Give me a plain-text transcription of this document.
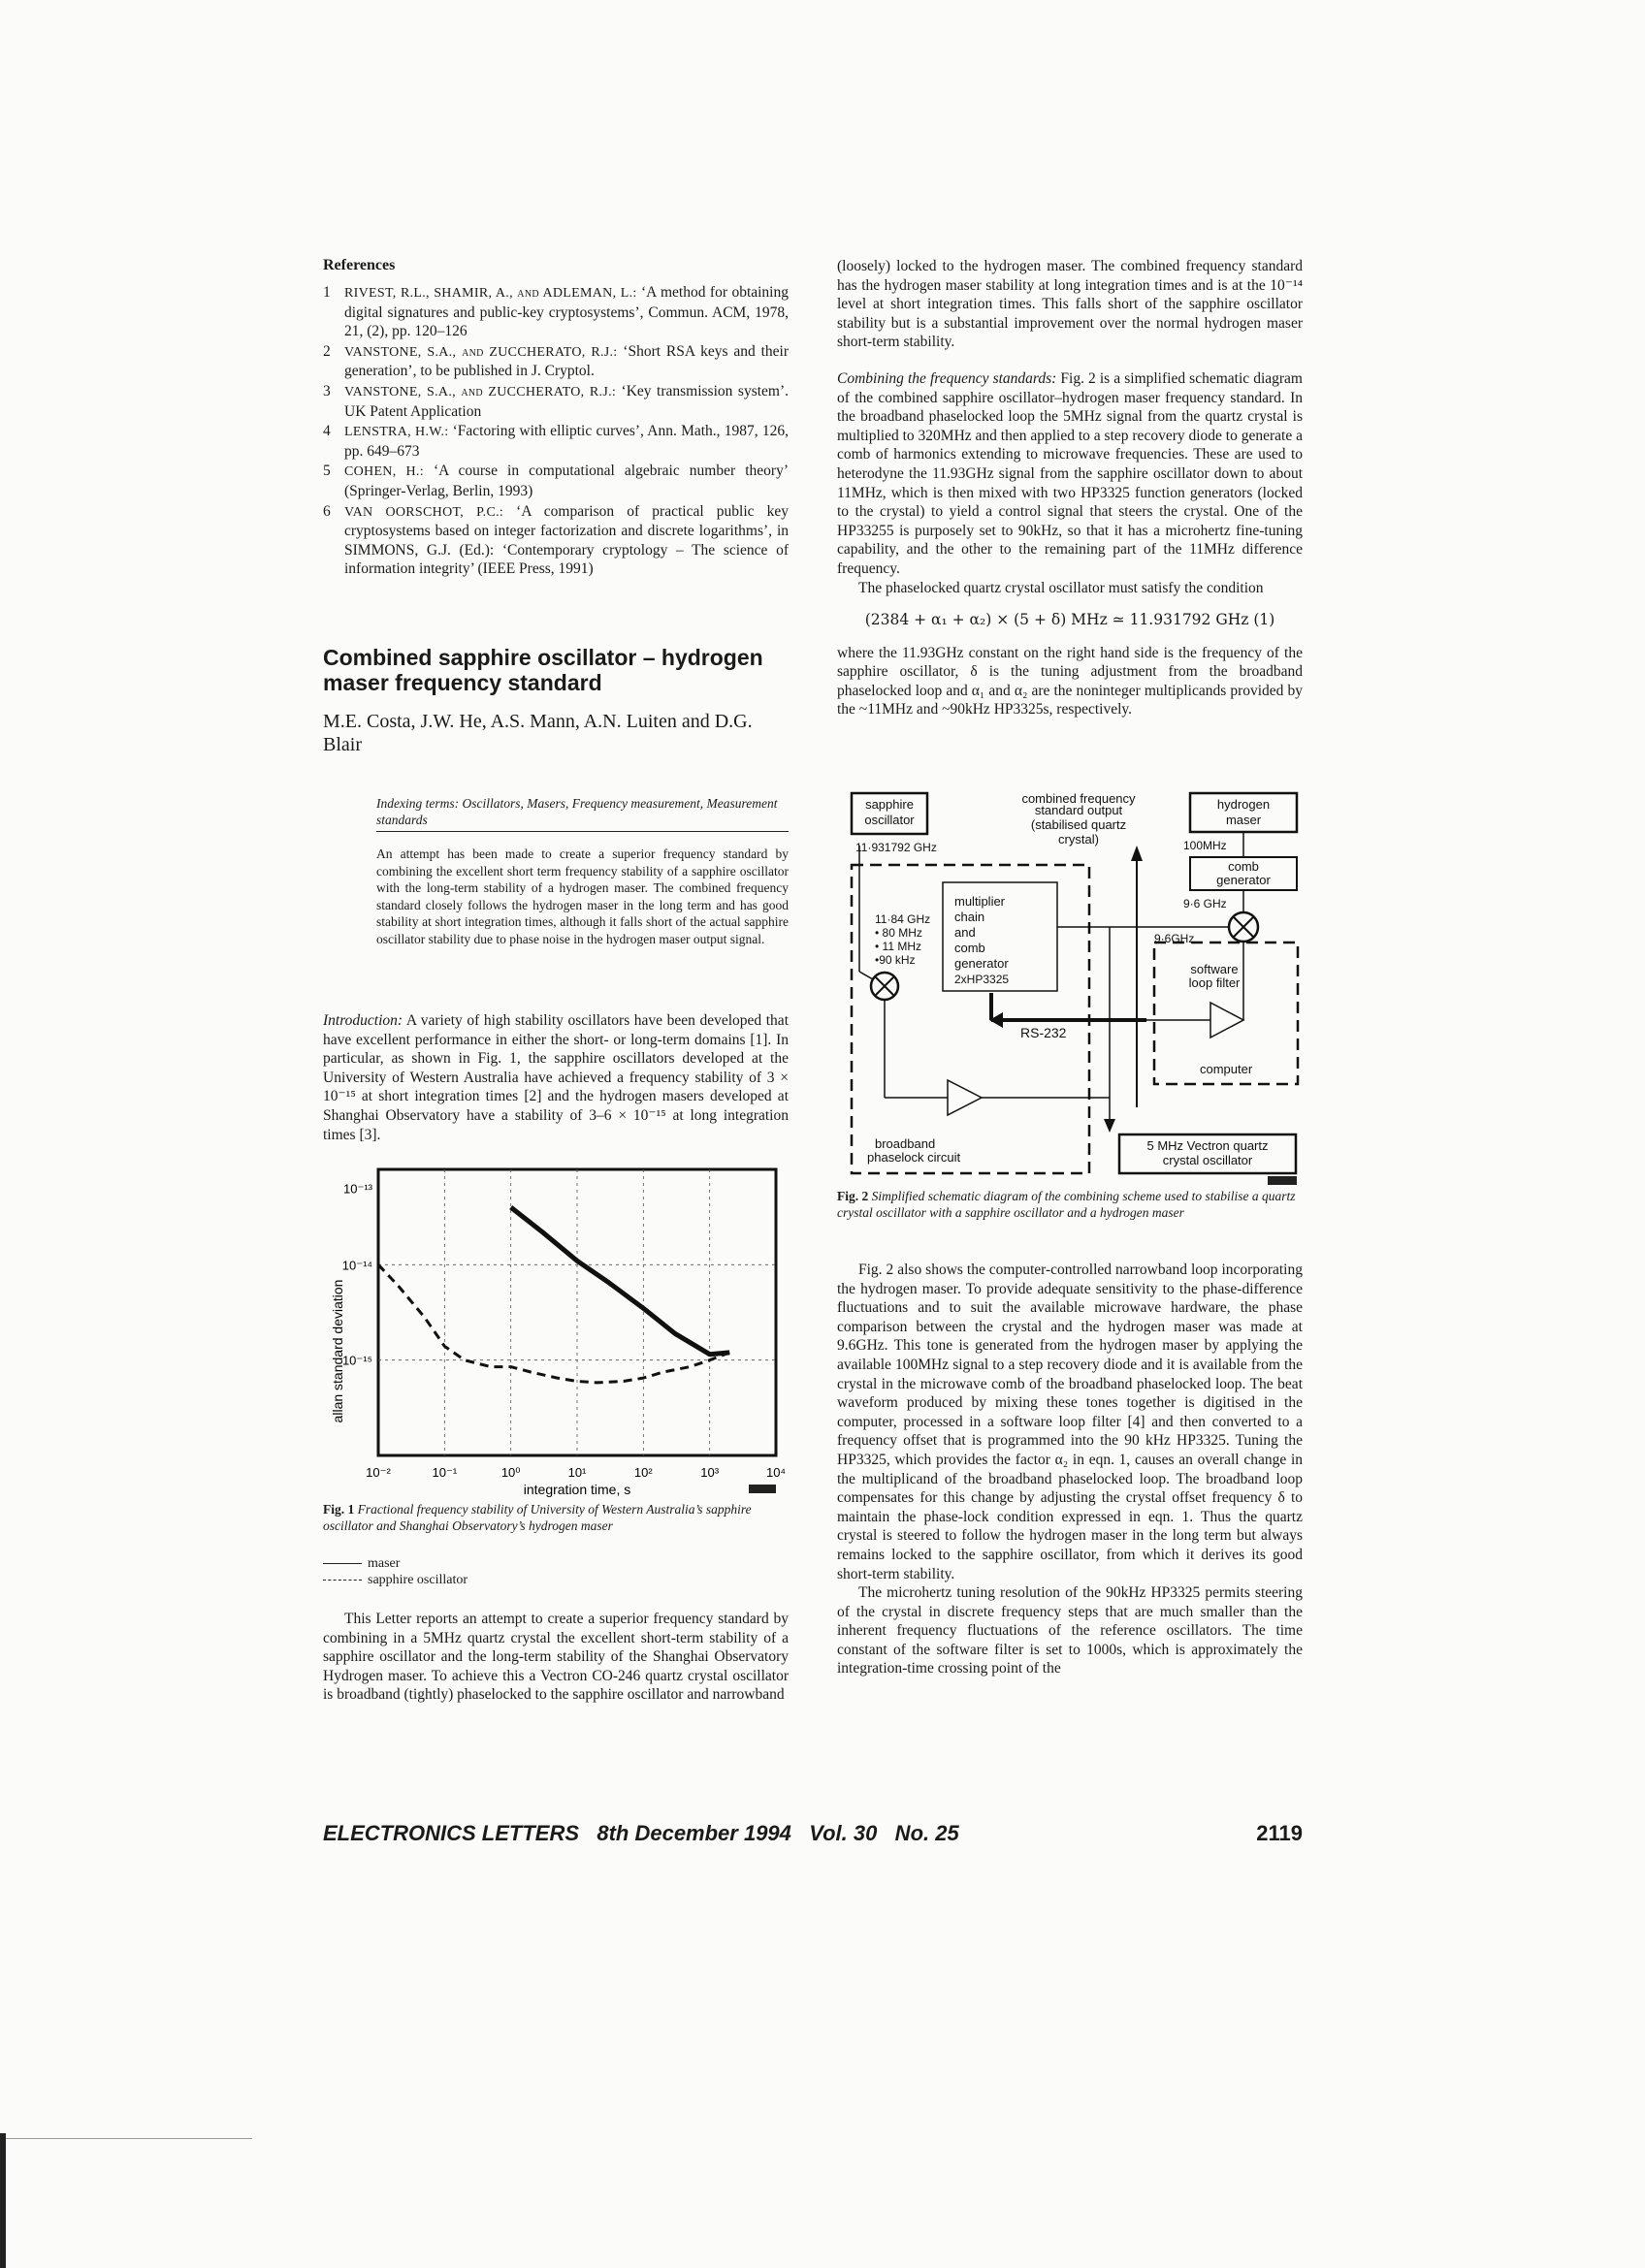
References
1	RIVEST, R.L., SHAMIR, A., and ADLEMAN, L.: ‘A method for obtaining digital signatures and public-key cryptosystems’, Commun. ACM, 1978, 21, (2), pp. 120–126
2	VANSTONE, S.A., and ZUCCHERATO, R.J.: ‘Short RSA keys and their generation’, to be published in J. Cryptol.
3	VANSTONE, S.A., and ZUCCHERATO, R.J.: ‘Key transmission system’. UK Patent Application
4	LENSTRA, H.W.: ‘Factoring with elliptic curves’, Ann. Math., 1987, 126, pp. 649–673
5	COHEN, H.: ‘A course in computational algebraic number theory’ (Springer-Verlag, Berlin, 1993)
6	VAN OORSCHOT, P.C.: ‘A comparison of practical public key cryptosystems based on integer factorization and discrete logarithms’, in SIMMONS, G.J. (Ed.): ‘Contemporary cryptology – The science of information integrity’ (IEEE Press, 1991)
Combined sapphire oscillator – hydrogen maser frequency standard
M.E. Costa, J.W. He, A.S. Mann, A.N. Luiten and D.G. Blair
Indexing terms: Oscillators, Masers, Frequency measurement, Measurement standards
An attempt has been made to create a superior frequency standard by combining the excellent short term frequency stability of a sapphire oscillator with the long-term stability of a hydrogen maser. The combined frequency standard closely follows the hydrogen maser in the long term and has good stability at short integration times, although it falls short of the actual sapphire oscillator stability due to phase noise in the hydrogen maser output signal.

Introduction: A variety of high stability oscillators have been developed that have excellent performance in either the short- or long-term domains [1]. In particular, as shown in Fig. 1, the sapphire oscillators developed at the University of Western Australia have achieved a frequency stability of 3 × 10⁻¹⁵ at short integration times [2] and the hydrogen masers developed at Shanghai Observatory have a stability of 3–6 × 10⁻¹⁵ at long integration times [3].

10⁻²	10⁻¹	10⁰	10¹	10²	10³	10⁴
10⁻¹³
10⁻¹⁴
10⁻¹⁵
integration time, s
allan standard deviation
Fig. 1 Fractional frequency stability of University of Western Australia’s sapphire oscillator and Shanghai Observatory’s hydrogen maser
maser
sapphire oscillator

This Letter reports an attempt to create a superior frequency standard by combining in a 5MHz quartz crystal the excellent short-term stability of a sapphire oscillator and the long-term stability of the Shanghai Observatory Hydrogen maser. To achieve this a Vectron CO-246 quartz crystal oscillator is broadband (tightly) phaselocked to the sapphire oscillator and narrowband

(loosely) locked to the hydrogen maser. The combined frequency standard has the hydrogen maser stability at long integration times and is at the 10⁻¹⁴ level at short integration times. This falls short of the sapphire oscillator stability but is a substantial improvement over the normal hydrogen maser short-term stability.

Combining the frequency standards: Fig. 2 is a simplified schematic diagram of the combined sapphire oscillator–hydrogen maser frequency standard. In the broadband phaselocked loop the 5MHz signal from the quartz crystal is multiplied to 320MHz and then applied to a step recovery diode to generate a comb of harmonics extending to microwave frequencies. These are used to heterodyne the 11.93GHz signal from the sapphire oscillator down to about 11MHz, which is then mixed with two HP3325 function generators (locked to the crystal) to yield a control signal that steers the crystal. One of the HP33255 is purposely set to 90kHz, so that it has a microhertz fine-tuning capability, and the other to the remaining part of the 11MHz difference frequency.

The phaselocked quartz crystal oscillator must satisfy the condition

(2384 + α₁ + α₂) × (5 + δ) MHz ≃ 11.931792 GHz (1)

where the 11.93GHz constant on the right hand side is the frequency of the sapphire oscillator, δ is the tuning adjustment from the broadband phaselocked loop and α₁ and α₂ are the noninteger multiplicands provided by the ~11MHz and ~90kHz HP3325s, respectively.

sapphire oscillator
11·931792 GHz
combined frequency standard output (stabilised quartz crystal)
hydrogen maser
100MHz
comb generator
9·6 GHz
9·6GHz
multiplier chain and comb generator
2xHP3325
11·84 GHz • 80 MHz • 11 MHz •90 kHz
RS-232
software loop filter
computer
broadband phaselock circuit
5 MHz Vectron quartz crystal oscillator
Fig. 2 Simplified schematic diagram of the combining scheme used to stabilise a quartz crystal oscillator with a sapphire oscillator and a hydrogen maser

Fig. 2 also shows the computer-controlled narrowband loop incorporating the hydrogen maser. To provide adequate sensitivity to the phase-difference fluctuations and to suit the available microwave hardware, the phase comparison between the crystal and the hydrogen maser was made at 9.6GHz. This tone is generated from the hydrogen maser by applying the available 100MHz signal to a step recovery diode and it is available from the crystal in the microwave comb of the broadband phaselocked loop. The beat waveform produced by mixing these tones together is digitised in the computer, processed in a software loop filter [4] and then converted to a frequency offset that is programmed into the 90 kHz HP3325. Tuning the HP3325, which provides the factor α₂ in eqn. 1, causes an overall change in the multiplicand of the broadband phaselocked loop. The broadband loop compensates for this change by adjusting the crystal offset frequency δ to maintain the phase-lock condition expressed in eqn. 1. Thus the quartz crystal is steered to follow the hydrogen maser in the long term but always remains locked to the sapphire oscillator, from which it derives its good short-term stability.

The microhertz tuning resolution of the 90kHz HP3325 permits steering of the crystal in discrete frequency steps that are much smaller than the inherent frequency fluctuations of the reference oscillators. The time constant of the software filter is set to 1000s, which is approximately the integration-time crossing point of the

ELECTRONICS LETTERS   8th December 1994   Vol. 30   No. 25	2119
